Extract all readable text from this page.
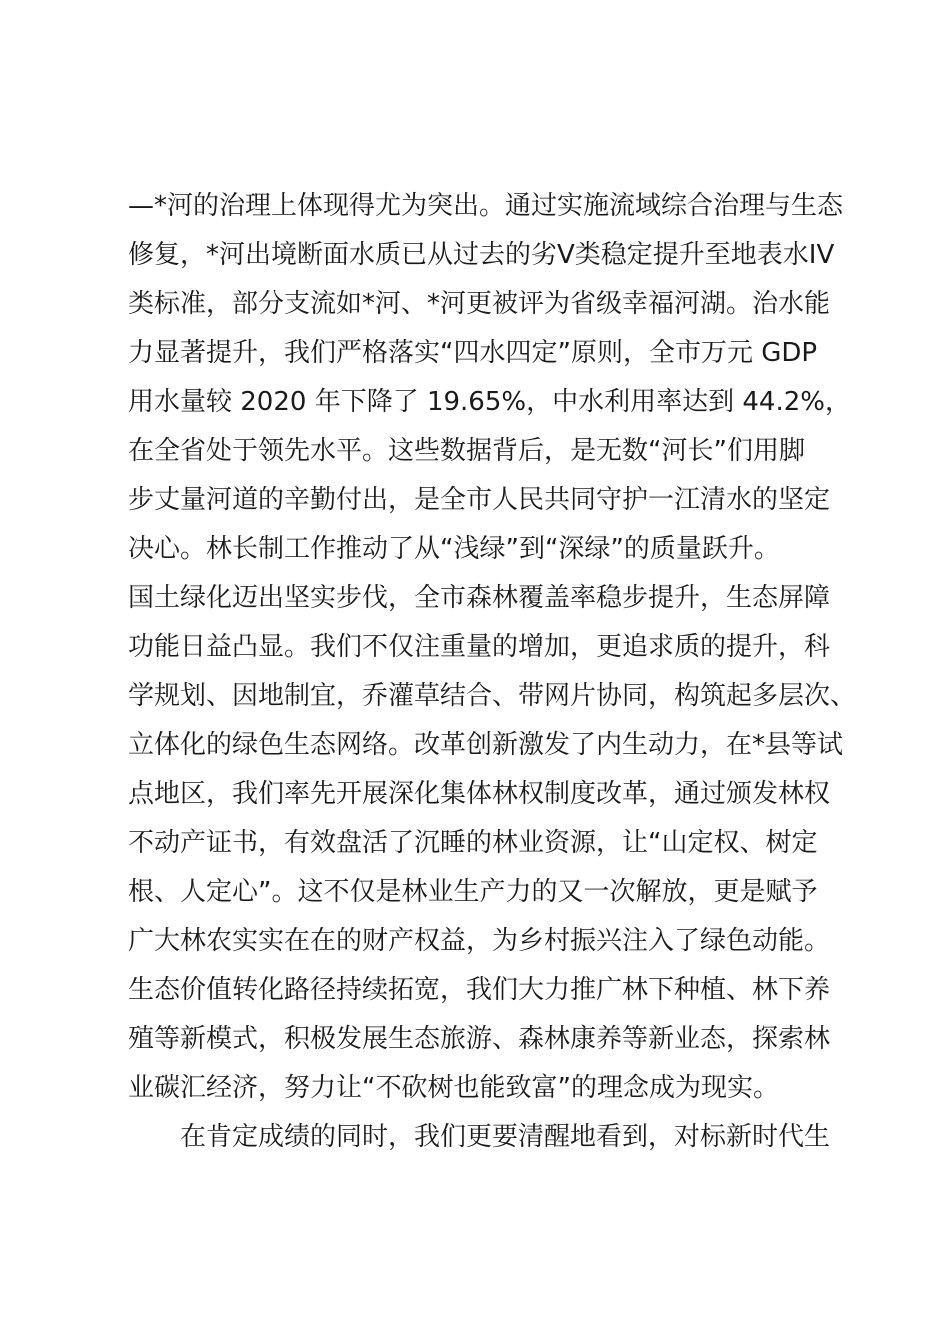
—*河的治理上体现得尤为突出。通过实施流域综合治理与生态

修复，*河出境断面水质已从过去的劣Ⅴ类稳定提升至地表水IV

类标准，部分支流如*河、*河更被评为省级幸福河湖。治水能

力显著提升，我们严格落实“四水四定”原则，全市万元 GDP

用水量较 2020 年下降了 19.65%，中水利用率达到 44.2%，

在全省处于领先水平。这些数据背后，是无数“河长”们用脚

步丈量河道的辛勤付出，是全市人民共同守护一江清水的坚定

决心。林长制工作推动了从“浅绿”到“深绿”的质量跃升。

国土绿化迈出坚实步伐，全市森林覆盖率稳步提升，生态屏障

功能日益凸显。我们不仅注重量的增加，更追求质的提升，科

学规划、因地制宜，乔灌草结合、带网片协同，构筑起多层次、

立体化的绿色生态网络。改革创新激发了内生动力，在*县等试

点地区，我们率先开展深化集体林权制度改革，通过颁发林权

不动产证书，有效盘活了沉睡的林业资源，让“山定权、树定

根、人定心”。这不仅是林业生产力的又一次解放，更是赋予

广大林农实实在在的财产权益，为乡村振兴注入了绿色动能。

生态价值转化路径持续拓宽，我们大力推广林下种植、林下养

殖等新模式，积极发展生态旅游、森林康养等新业态，探索林

业碳汇经济，努力让“不砍树也能致富”的理念成为现实。

在肯定成绩的同时，我们更要清醒地看到，对标新时代生
